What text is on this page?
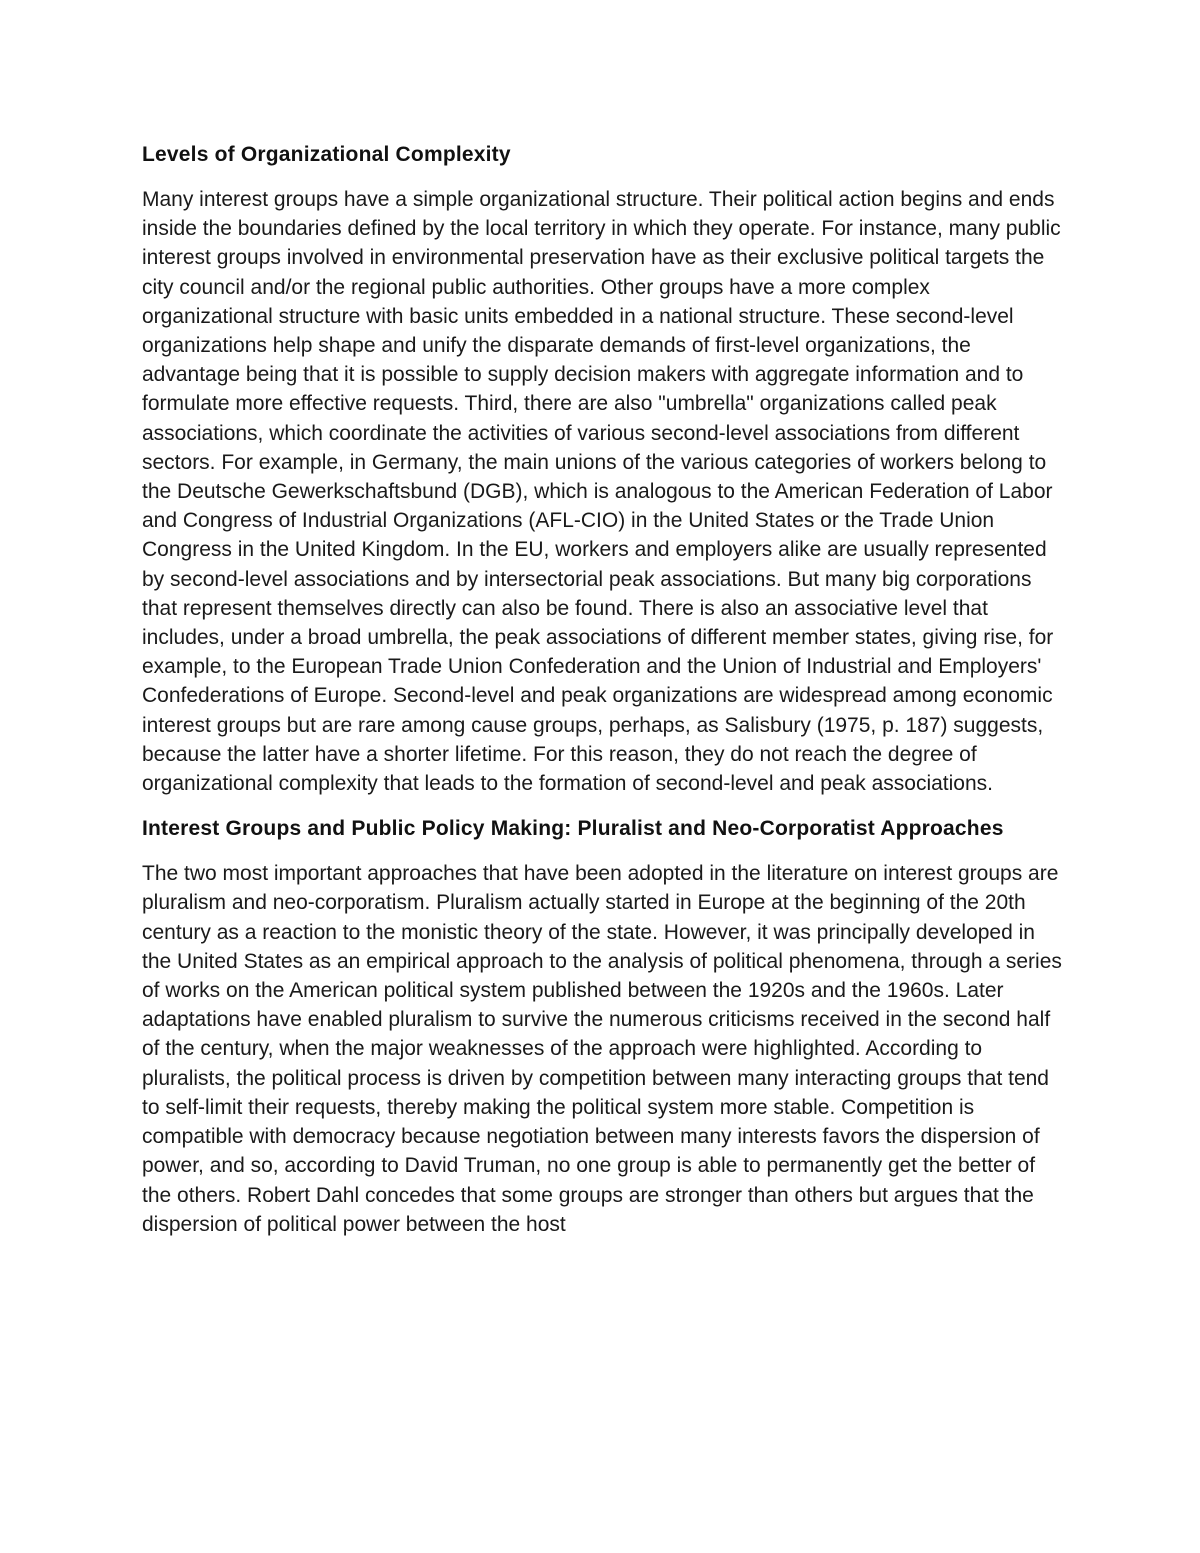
Levels of Organizational Complexity

Many interest groups have a simple organizational structure. Their political action begins and ends inside the boundaries defined by the local territory in which they operate. For instance, many public interest groups involved in environmental preservation have as their exclusive political targets the city council and/or the regional public authorities. Other groups have a more complex organizational structure with basic units embedded in a national structure. These second-level organizations help shape and unify the disparate demands of first-level organizations, the advantage being that it is possible to supply decision makers with aggregate information and to formulate more effective requests. Third, there are also "umbrella" organizations called peak associations, which coordinate the activities of various second-level associations from different sectors. For example, in Germany, the main unions of the various categories of workers belong to the Deutsche Gewerkschaftsbund (DGB), which is analogous to the American Federation of Labor and Congress of Industrial Organizations (AFL-CIO) in the United States or the Trade Union Congress in the United Kingdom. In the EU, workers and employers alike are usually represented by second-level associations and by intersectorial peak associations. But many big corporations that represent themselves directly can also be found. There is also an associative level that includes, under a broad umbrella, the peak associations of different member states, giving rise, for example, to the European Trade Union Confederation and the Union of Industrial and Employers' Confederations of Europe. Second-level and peak organizations are widespread among economic interest groups but are rare among cause groups, perhaps, as Salisbury (1975, p. 187) suggests, because the latter have a shorter lifetime. For this reason, they do not reach the degree of organizational complexity that leads to the formation of second-level and peak associations.

Interest Groups and Public Policy Making: Pluralist and Neo-Corporatist Approaches

The two most important approaches that have been adopted in the literature on interest groups are pluralism and neo-corporatism. Pluralism actually started in Europe at the beginning of the 20th century as a reaction to the monistic theory of the state. However, it was principally developed in the United States as an empirical approach to the analysis of political phenomena, through a series of works on the American political system published between the 1920s and the 1960s. Later adaptations have enabled pluralism to survive the numerous criticisms received in the second half of the century, when the major weaknesses of the approach were highlighted. According to pluralists, the political process is driven by competition between many interacting groups that tend to self-limit their requests, thereby making the political system more stable. Competition is compatible with democracy because negotiation between many interests favors the dispersion of power, and so, according to David Truman, no one group is able to permanently get the better of the others. Robert Dahl concedes that some groups are stronger than others but argues that the dispersion of political power between the host
